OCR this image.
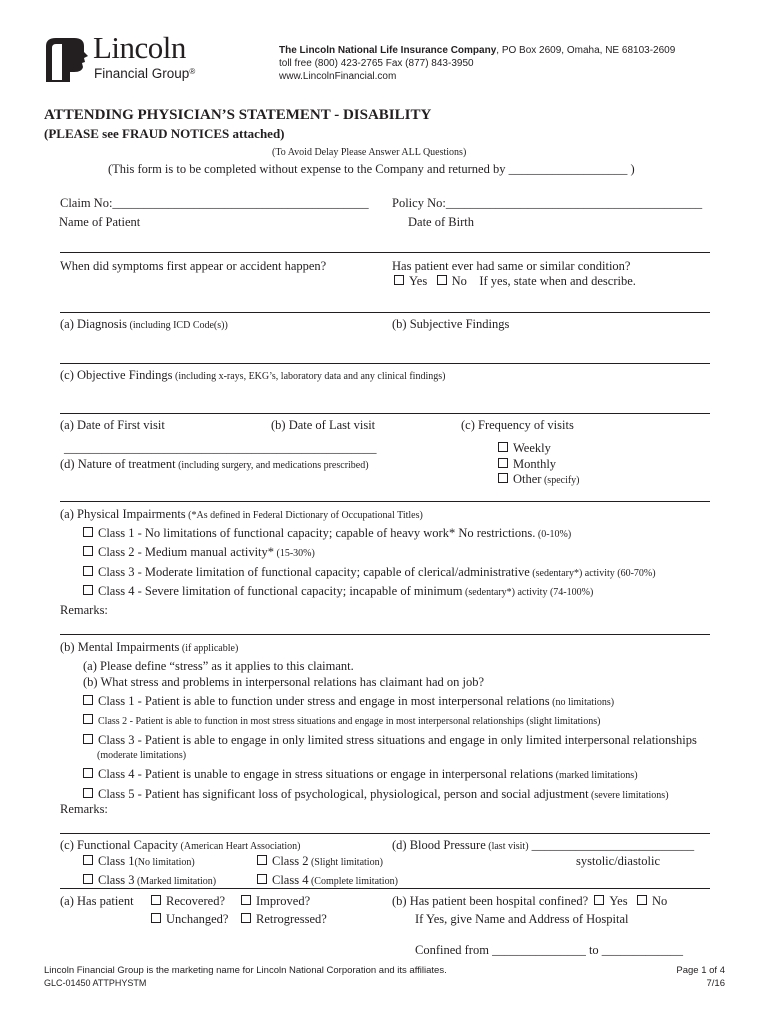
Lincoln
Financial Group®
The Lincoln National Life Insurance Company, PO Box 2609, Omaha, NE 68103-2609
toll free (800) 423-2765 Fax (877) 843-3950
www.LincolnFinancial.com
ATTENDING PHYSICIAN’S STATEMENT - DISABILITY
(PLEASE see FRAUD NOTICES attached)
(To Avoid Delay Please Answer ALL Questions)
(This form is to be completed without expense to the Company and returned by ___________________ )
Claim No:_________________________________________ Policy No:_________________________________________
Name of Patient	Date of Birth
When did symptoms first appear or accident happen?	Has patient ever had same or similar condition?
Yes No If yes, state when and describe.
(a) Diagnosis (including ICD Code(s))	(b) Subjective Findings
(c) Objective Findings (including x-rays, EKG’s, laboratory data and any clinical findings)
(a) Date of First visit	(b) Date of Last visit	(c) Frequency of visits
Weekly
__________________________________________________
Monthly
(d) Nature of treatment (including surgery, and medications prescribed)
Other (specify)
(a) Physical Impairments (*As defined in Federal Dictionary of Occupational Titles)
Class 1 - No limitations of functional capacity; capable of heavy work* No restrictions. (0-10%)
Class 2 - Medium manual activity* (15-30%)
Class 3 - Moderate limitation of functional capacity; capable of clerical/administrative (sedentary*) activity (60-70%)
Class 4 - Severe limitation of functional capacity; incapable of minimum (sedentary*) activity (74-100%)
Remarks:
(b) Mental Impairments (if applicable)
(a) Please define “stress” as it applies to this claimant.
(b) What stress and problems in interpersonal relations has claimant had on job?
Class 1 - Patient is able to function under stress and engage in most interpersonal relations (no limitations)
Class 2 - Patient is able to function in most stress situations and engage in most interpersonal relationships (slight limitations)
Class 3 - Patient is able to engage in only limited stress situations and engage in only limited interpersonal relationships
(moderate limitations)
Class 4 - Patient is unable to engage in stress situations or engage in interpersonal relations (marked limitations)
Class 5 - Patient has significant loss of psychological, physiological, person and social adjustment (severe limitations)
Remarks:
(c) Functional Capacity (American Heart Association)	(d) Blood Pressure (last visit) __________________________
Class 1(No limitation)	Class 2 (Slight limitation)	systolic/diastolic
Class 3 (Marked limitation)	Class 4 (Complete limitation)
(a) Has patient	Recovered?	Improved?
Unchanged?	Retrogressed?
(b) Has patient been hospital confined? Yes No
If Yes, give Name and Address of Hospital
Confined from _______________ to _____________
Lincoln Financial Group is the marketing name for Lincoln National Corporation and its affiliates.
GLC-01450 ATTPHYSTM
Page 1 of 4
7/16
